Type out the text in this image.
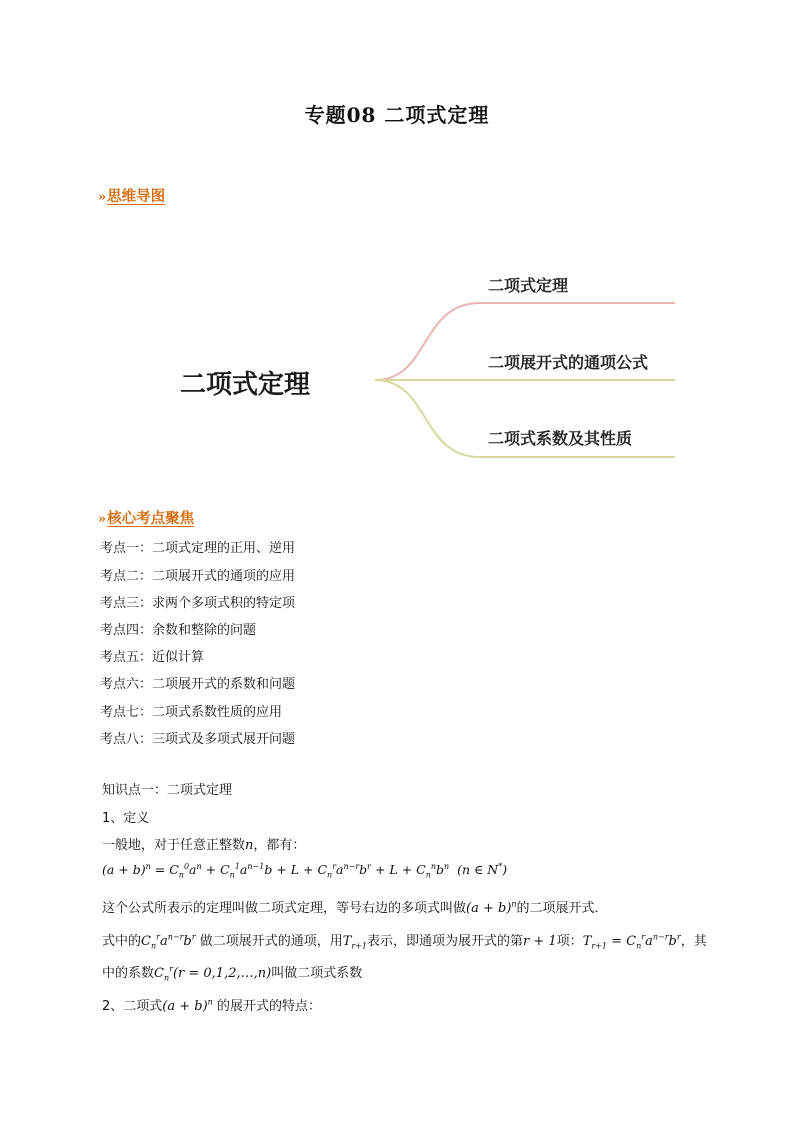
专题08 二项式定理
»思维导图
二项式定理
二项式定理
二项展开式的通项公式
二项式系数及其性质
»核心考点聚焦
考点一：二项式定理的正用、逆用
考点二：二项展开式的通项的应用
考点三：求两个多项式积的特定项
考点四：余数和整除的问题
考点五：近似计算
考点六：二项展开式的系数和问题
考点七：二项式系数性质的应用
考点八：三项式及多项式展开问题
知识点一：二项式定理
1、定义
一般地，对于任意正整数n，都有：
$(a + b)^n = C_n^0a^n + C_n^1a^{n-1}b + L + C_n^ra^{n-r}b^r + L + C_n^nb^n$  (n ∈ N*)
这个公式所表示的定理叫做二项式定理，等号右边的多项式叫做$(a + b)^n$的二项展开式．
式中的$C_n^ra^{n-r}b^r$ 做二项展开式的通项，用$T_{r+1}$表示，即通项为展开式的第r + 1项：$T_{r+1} = C_n^ra^{n-r}b^r$，其
中的系数$C_n^r(r$ = 0,1,2,…,n)叫做二项式系数
2、二项式$(a + b)^n$ 的展开式的特点：
